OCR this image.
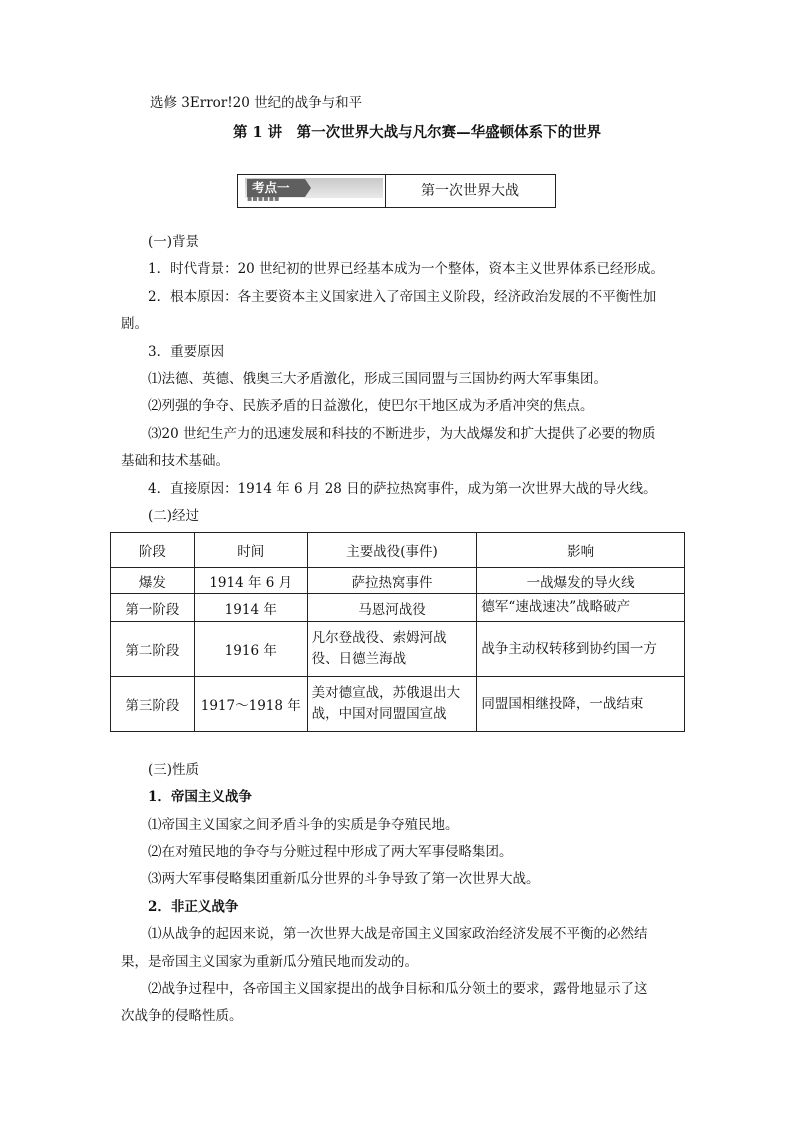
选修 3Error!20 世纪的战争与和平
第 1 讲　第一次世界大战与凡尔赛—华盛顿体系下的世界
考点一
▪▪▪▪▪▪	第一次世界大战
(一)背景
1．时代背景：20 世纪初的世界已经基本成为一个整体，资本主义世界体系已经形成。
2．根本原因：各主要资本主义国家进入了帝国主义阶段，经济政治发展的不平衡性加
剧。
3．重要原因
⑴法德、英德、俄奥三大矛盾激化，形成三国同盟与三国协约两大军事集团。
⑵列强的争夺、民族矛盾的日益激化，使巴尔干地区成为矛盾冲突的焦点。
⑶20 世纪生产力的迅速发展和科技的不断进步，为大战爆发和扩大提供了必要的物质
基础和技术基础。
4．直接原因：1914 年 6 月 28 日的萨拉热窝事件，成为第一次世界大战的导火线。
(二)经过
阶段	时间	主要战役(事件)	影响
爆发	1914 年 6 月	萨拉热窝事件	一战爆发的导火线
第一阶段	1914 年	马恩河战役	德军“速战速决”战略破产
第二阶段	1916 年	凡尔登战役、索姆河战役、日德兰海战	战争主动权转移到协约国一方
第三阶段	1917～1918 年	美对德宣战，苏俄退出大战，中国对同盟国宣战	同盟国相继投降，一战结束
(三)性质
1．帝国主义战争
⑴帝国主义国家之间矛盾斗争的实质是争夺殖民地。
⑵在对殖民地的争夺与分赃过程中形成了两大军事侵略集团。
⑶两大军事侵略集团重新瓜分世界的斗争导致了第一次世界大战。
2．非正义战争
⑴从战争的起因来说，第一次世界大战是帝国主义国家政治经济发展不平衡的必然结
果，是帝国主义国家为重新瓜分殖民地而发动的。
⑵战争过程中，各帝国主义国家提出的战争目标和瓜分领土的要求，露骨地显示了这
次战争的侵略性质。
